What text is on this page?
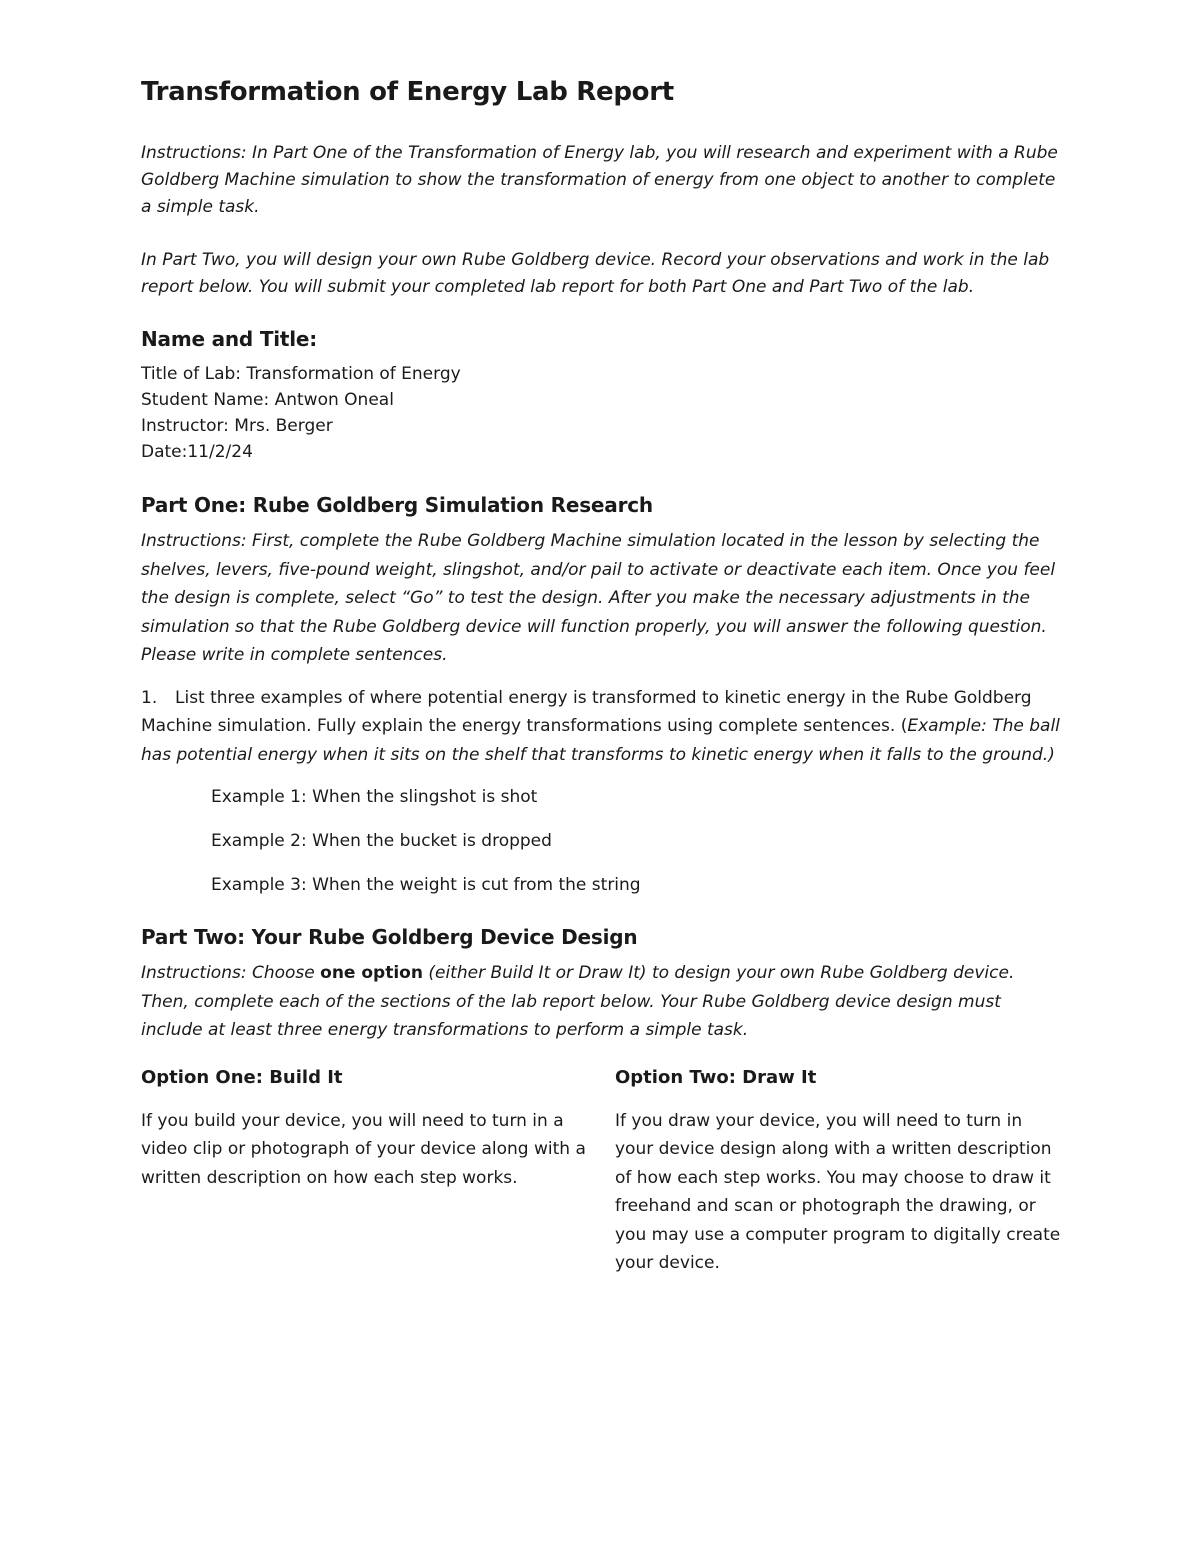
Transformation of Energy Lab Report

Instructions: In Part One of the Transformation of Energy lab, you will research and experiment with a Rube Goldberg Machine simulation to show the transformation of energy from one object to another to complete a simple task.

In Part Two, you will design your own Rube Goldberg device. Record your observations and work in the lab report below. You will submit your completed lab report for both Part One and Part Two of the lab.

Name and Title:

Title of Lab: Transformation of Energy

Student Name: Antwon Oneal

Instructor: Mrs. Berger

Date:11/2/24

Part One: Rube Goldberg Simulation Research

Instructions: First, complete the Rube Goldberg Machine simulation located in the lesson by selecting the shelves, levers, five-pound weight, slingshot, and/or pail to activate or deactivate each item. Once you feel the design is complete, select “Go” to test the design. After you make the necessary adjustments in the simulation so that the Rube Goldberg device will function properly, you will answer the following question. Please write in complete sentences.

1. List three examples of where potential energy is transformed to kinetic energy in the Rube Goldberg Machine simulation. Fully explain the energy transformations using complete sentences. (Example: The ball has potential energy when it sits on the shelf that transforms to kinetic energy when it falls to the ground.)

Example 1: When the slingshot is shot

Example 2: When the bucket is dropped

Example 3: When the weight is cut from the string

Part Two: Your Rube Goldberg Device Design

Instructions: Choose one option (either Build It or Draw It) to design your own Rube Goldberg device. Then, complete each of the sections of the lab report below. Your Rube Goldberg device design must include at least three energy transformations to perform a simple task.

Option One: Build It

If you build your device, you will need to turn in a video clip or photograph of your device along with a written description on how each step works.

Option Two: Draw It

If you draw your device, you will need to turn in your device design along with a written description of how each step works. You may choose to draw it freehand and scan or photograph the drawing, or you may use a computer program to digitally create your device.
